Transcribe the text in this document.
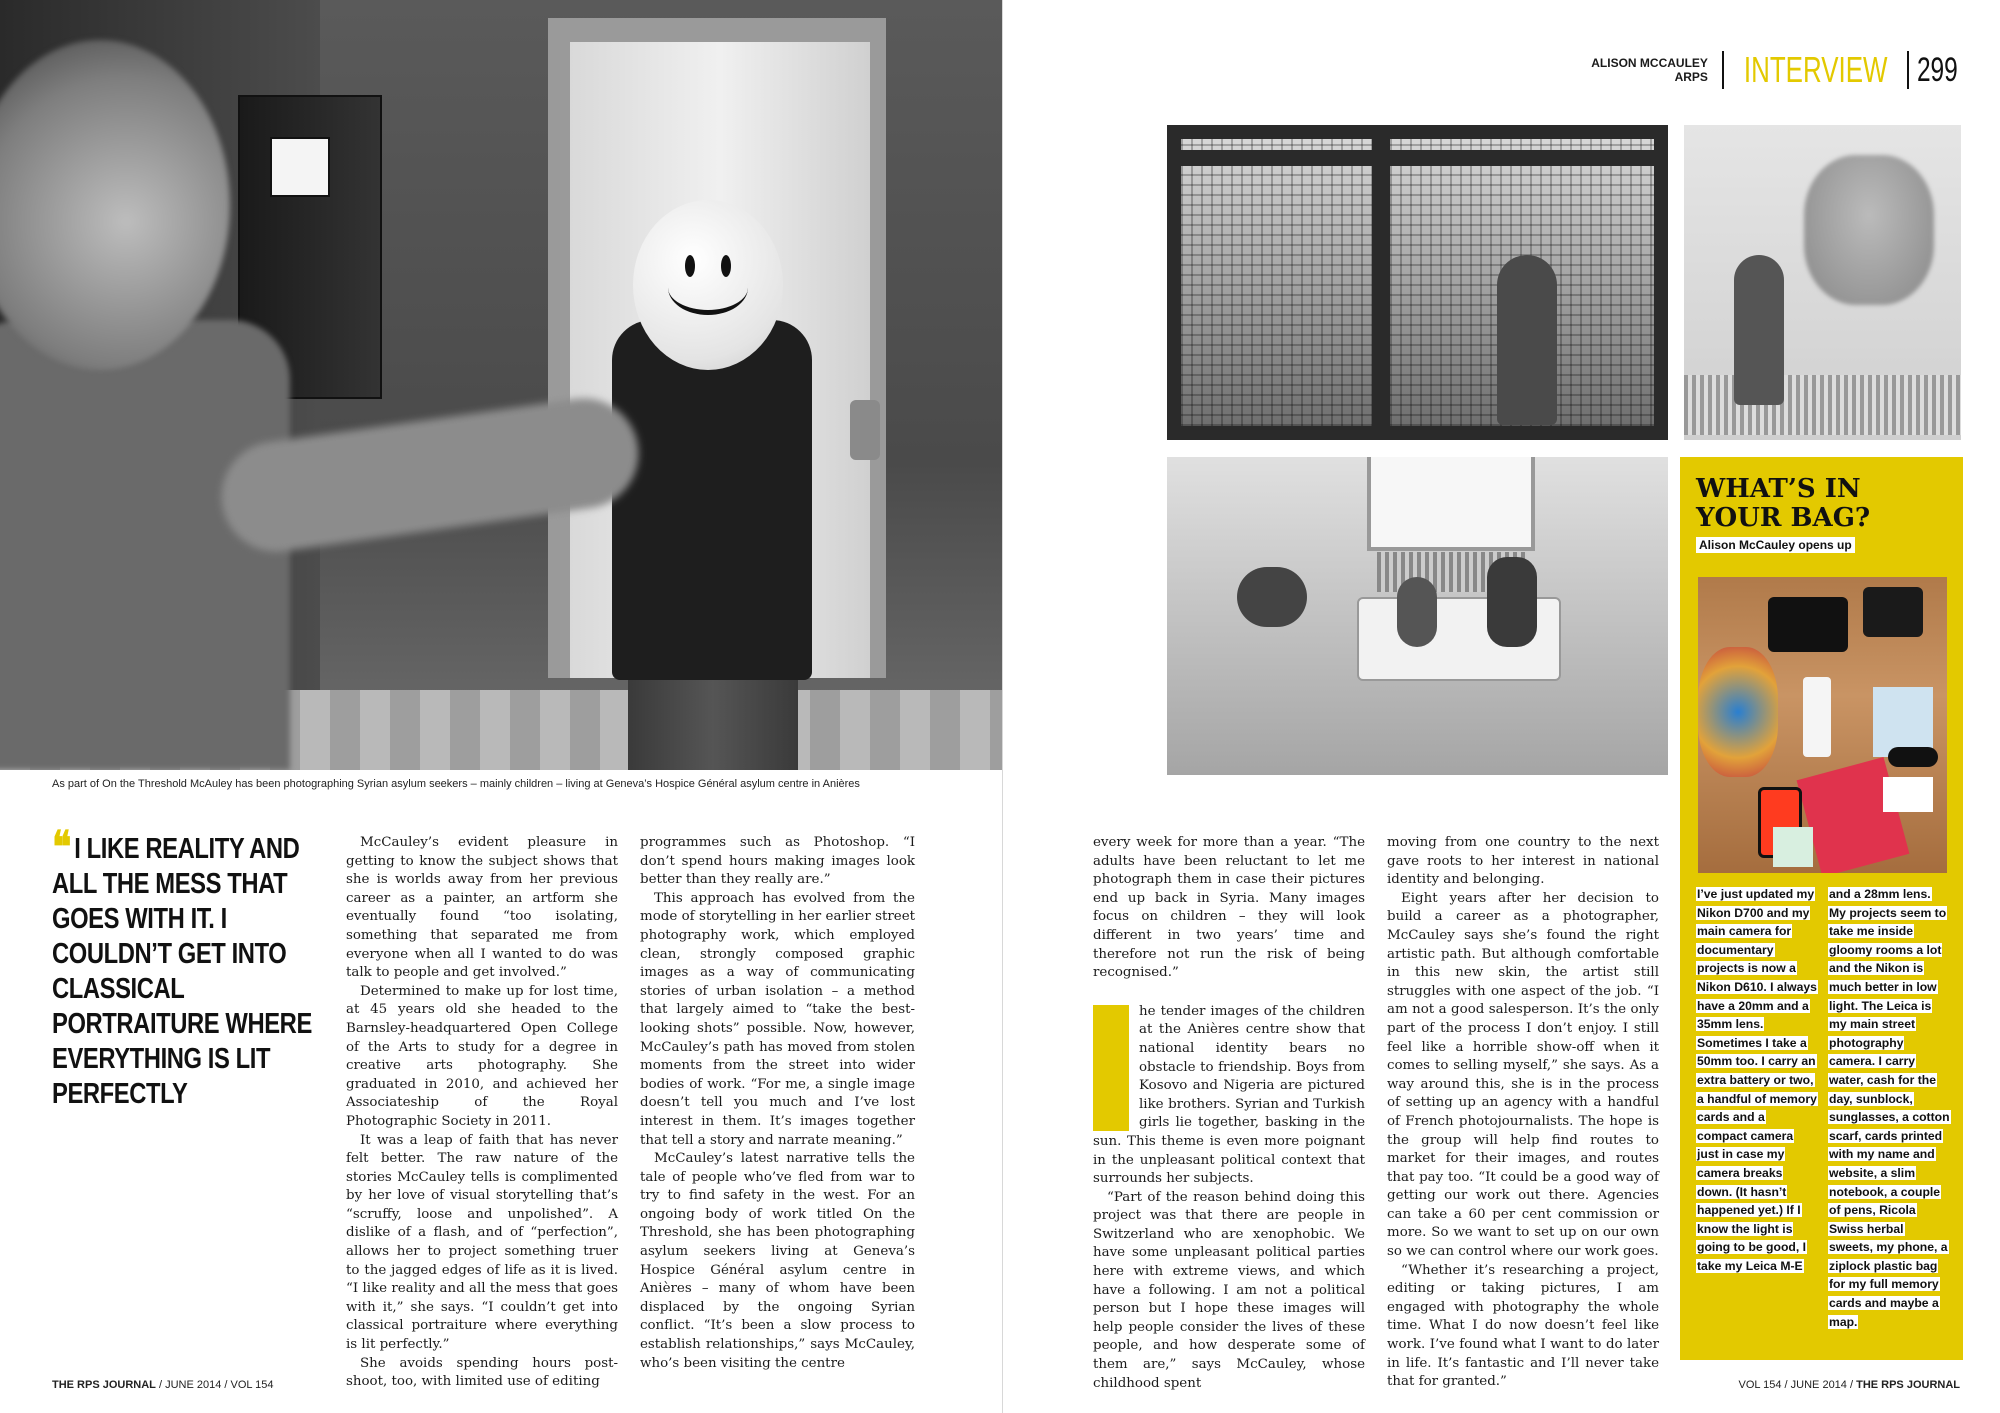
As part of On the Threshold McAuley has been photographing Syrian asylum seekers – mainly children – living at Geneva’s Hospice Général asylum centre in Anières
❝ I LIKE REALITY AND ALL THE MESS THAT GOES WITH IT. I COULDN’T GET INTO CLASSICAL PORTRAITURE WHERE EVERYTHING IS LIT PERFECTLY

McCauley’s evident pleasure in getting to know the subject shows that she is worlds away from her previous career as a painter, an artform she eventually found “too isolating, something that separated me from everyone when all I wanted to do was talk to people and get involved.”

Determined to make up for lost time, at 45 years old she headed to the Barnsley-headquartered Open College of the Arts to study for a degree in creative arts photography. She graduated in 2010, and achieved her Associateship of the Royal Photographic Society in 2011.

It was a leap of faith that has never felt better. The raw nature of the stories McCauley tells is complimented by her love of visual storytelling that’s “scruffy, loose and unpolished”. A dislike of a flash, and of “perfection”, allows her to project something truer to the jagged edges of life as it is lived. “I like reality and all the mess that goes with it,” she says. “I couldn’t get into classical portraiture where everything is lit perfectly.”

She avoids spending hours post-shoot, too, with limited use of editing

programmes such as Photoshop. “I don’t spend hours making images look better than they really are.”

This approach has evolved from the mode of storytelling in her earlier street photography work, which employed clean, strongly composed graphic images as a way of communicating stories of urban isolation – a method that largely aimed to “take the best-looking shots” possible. Now, however, McCauley’s path has moved from stolen moments from the street into wider bodies of work. “For me, a single image doesn’t tell you much and I’ve lost interest in them. It’s images together that tell a story and narrate meaning.”

McCauley’s latest narrative tells the tale of people who’ve fled from war to try to find safety in the west. For an ongoing body of work titled On the Threshold, she has been photographing asylum seekers living at Geneva’s Hospice Général asylum centre in Anières – many of whom have been displaced by the ongoing Syrian conflict. “It’s been a slow process to establish relationships,” says McCauley, who’s been visiting the centre

THE RPS JOURNAL / JUNE 2014 / VOL 154
ALISON MCCAULEY
ARPS INTERVIEW 299

every week for more than a year. “The adults have been reluctant to let me photograph them in case their pictures end up back in Syria. Many images focus on children – they will look different in two years’ time and therefore not run the risk of being recognised.”

T	he tender images of the children at the Anières centre show that national identity bears no obstacle to friendship. Boys from Kosovo and Nigeria are pictured like brothers. Syrian and Turkish girls lie together, basking in the sun. This theme is even more poignant in the unpleasant political context that surrounds her subjects.

“Part of the reason behind doing this project was that there are people in Switzerland who are xenophobic. We have some unpleasant political parties here with extreme views, and which have a following. I am not a political person but I hope these images will help people consider the lives of these people, and how desperate some of them are,” says McCauley, whose childhood spent

moving from one country to the next gave roots to her interest in national identity and belonging.

Eight years after her decision to build a career as a photographer, McCauley says she’s found the right artistic path. But although comfortable in this new skin, the artist still struggles with one aspect of the job. “I am not a good salesperson. It’s the only part of the process I don’t enjoy. I still feel like a horrible show-off when it comes to selling myself,” she says. As a way around this, she is in the process of setting up an agency with a handful of French photojournalists. The hope is the group will help find routes to market for their images, and routes that pay too. “It could be a good way of getting our work out there. Agencies can take a 60 per cent commission or more. So we want to set up on our own so we can control where our work goes.

“Whether it’s researching a project, editing or taking pictures, I am engaged with photography the whole time. What I do now doesn’t feel like work. I’ve found what I want to do later in life. It’s fantastic and I’ll never take that for granted.”

WHAT’S IN YOUR BAG?
Alison McCauley opens up
I’ve just updated my Nikon D700 and my main camera for documentary projects is now a Nikon D610. I always have a 20mm and a 35mm lens. Sometimes I take a 50mm too. I carry an extra battery or two, a handful of memory cards and a compact camera just in case my camera breaks down. (It hasn’t happened yet.) If I know the light is going to be good, I take my Leica M-E
and a 28mm lens. My projects seem to take me inside gloomy rooms a lot and the Nikon is much better in low light. The Leica is my main street photography camera. I carry water, cash for the day, sunblock, sunglasses, a cotton scarf, cards printed with my name and website, a slim notebook, a couple of pens, Ricola Swiss herbal sweets, my phone, a ziplock plastic bag for my full memory cards and maybe a map.
VOL 154 / JUNE 2014 / THE RPS JOURNAL
